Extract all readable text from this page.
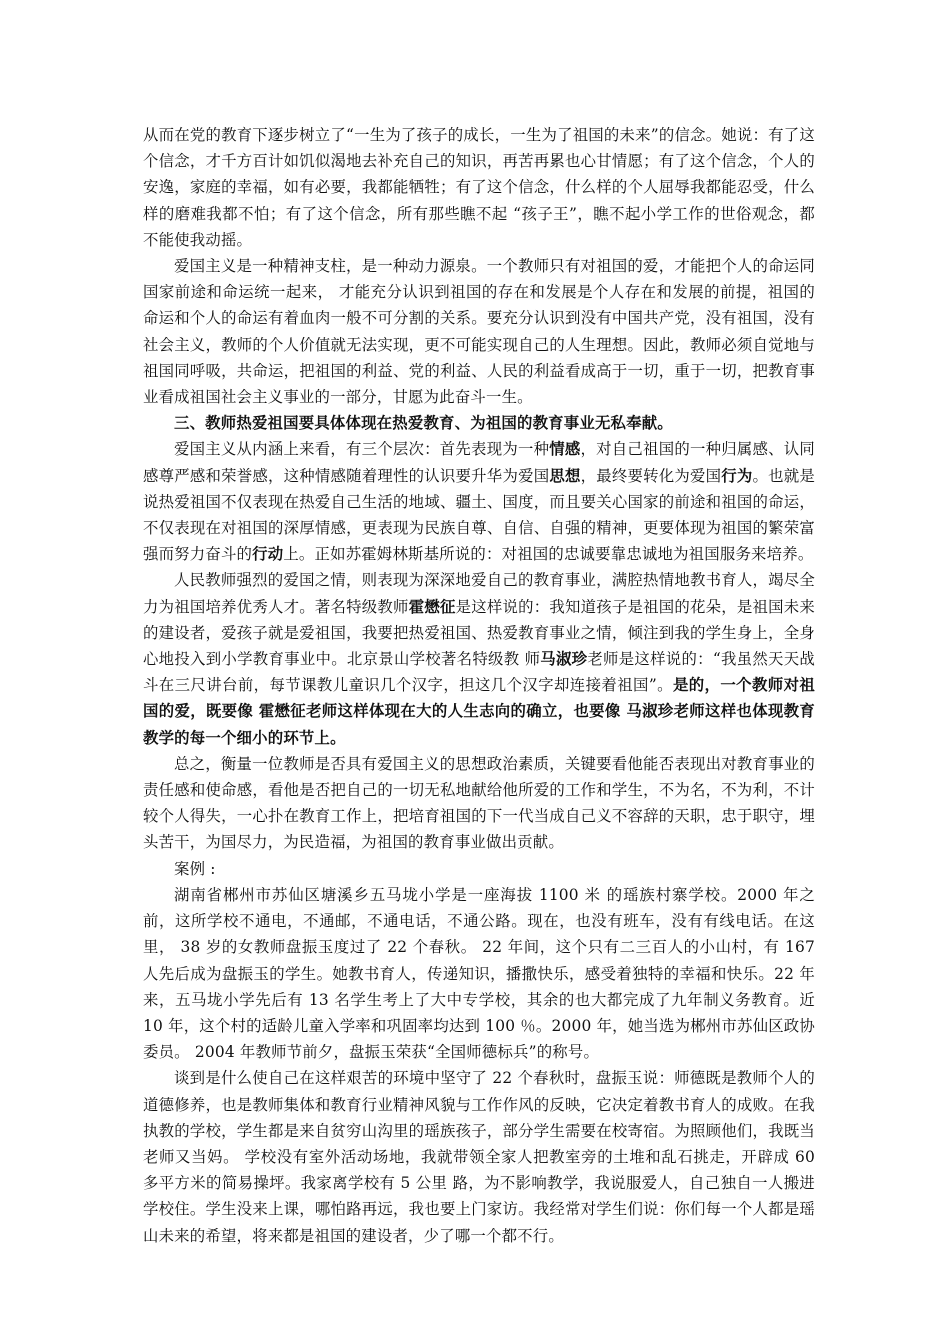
从而在党的教育下逐步树立了“一生为了孩子的成长，一生为了祖国的未来”的信念。她说：有了这个信念，才千方百计如饥似渴地去补充自己的知识，再苦再累也心甘情愿；有了这个信念，个人的安逸，家庭的幸福，如有必要，我都能牺牲；有了这个信念，什么样的个人屈辱我都能忍受，什么样的磨难我都不怕；有了这个信念，所有那些瞧不起 “孩子王”，瞧不起小学工作的世俗观念，都不能使我动摇。

爱国主义是一种精神支柱，是一种动力源泉。一个教师只有对祖国的爱，才能把个人的命运同国家前途和命运统一起来， 才能充分认识到祖国的存在和发展是个人存在和发展的前提，祖国的命运和个人的命运有着血肉一般不可分割的关系。要充分认识到没有中国共产党，没有祖国，没有社会主义，教师的个人价值就无法实现，更不可能实现自己的人生理想。因此，教师必须自觉地与祖国同呼吸，共命运，把祖国的利益、党的利益、人民的利益看成高于一切，重于一切，把教育事业看成祖国社会主义事业的一部分，甘愿为此奋斗一生。

三、教师热爱祖国要具体体现在热爱教育、为祖国的教育事业无私奉献。

爱国主义从内涵上来看，有三个层次：首先表现为一种情感，对自己祖国的一种归属感、认同感尊严感和荣誉感，这种情感随着理性的认识要升华为爱国思想，最终要转化为爱国行为。也就是说热爱祖国不仅表现在热爱自己生活的地域、疆土、国度，而且要关心国家的前途和祖国的命运，不仅表现在对祖国的深厚情感，更表现为民族自尊、自信、自强的精神，更要体现为祖国的繁荣富强而努力奋斗的行动上。正如苏霍姆林斯基所说的：对祖国的忠诚要靠忠诚地为祖国服务来培养。

人民教师强烈的爱国之情，则表现为深深地爱自己的教育事业，满腔热情地教书育人，竭尽全力为祖国培养优秀人才。著名特级教师霍懋征是这样说的：我知道孩子是祖国的花朵，是祖国未来的建设者，爱孩子就是爱祖国，我要把热爱祖国、热爱教育事业之情，倾注到我的学生身上，全身心地投入到小学教育事业中。北京景山学校著名特级教 师马淑珍老师是这样说的：“我虽然天天战斗在三尺讲台前，每节课教儿童识几个汉字，担这几个汉字却连接着祖国”。是的，一个教师对祖国的爱，既要像 霍懋征老师这样体现在大的人生志向的确立，也要像 马淑珍老师这样也体现教育教学的每一个细小的环节上。

总之，衡量一位教师是否具有爱国主义的思想政治素质，关键要看他能否表现出对教育事业的责任感和使命感，看他是否把自己的一切无私地献给他所爱的工作和学生，不为名，不为利，不计较个人得失，一心扑在教育工作上，把培育祖国的下一代当成自己义不容辞的天职，忠于职守，埋头苦干，为国尽力，为民造福，为祖国的教育事业做出贡献。

案例 :

湖南省郴州市苏仙区塘溪乡五马垅小学是一座海拔 1100 米 的瑶族村寨学校。2000 年之前，这所学校不通电，不通邮，不通电话，不通公路。现在，也没有班车，没有有线电话。在这里， 38 岁的女教师盘振玉度过了 22 个春秋。 22 年间，这个只有二三百人的小山村，有 167 人先后成为盘振玉的学生。她教书育人，传递知识，播撒快乐，感受着独特的幸福和快乐。22 年来，五马垅小学先后有 13 名学生考上了大中专学校，其余的也大都完成了九年制义务教育。近 10 年，这个村的适龄儿童入学率和巩固率均达到 100 ％。2000 年，她当选为郴州市苏仙区政协委员。 2004 年教师节前夕，盘振玉荣获“全国师德标兵”的称号。

谈到是什么使自己在这样艰苦的环境中坚守了 22 个春秋时，盘振玉说：师德既是教师个人的道德修养，也是教师集体和教育行业精神风貌与工作作风的反映，它决定着教书育人的成败。在我执教的学校，学生都是来自贫穷山沟里的瑶族孩子，部分学生需要在校寄宿。为照顾他们，我既当老师又当妈。 学校没有室外活动场地，我就带领全家人把教室旁的土堆和乱石挑走，开辟成 60 多平方米的简易操坪。我家离学校有 5 公里 路，为不影响教学，我说服爱人，自己独自一人搬进学校住。学生没来上课，哪怕路再远，我也要上门家访。我经常对学生们说：你们每一个人都是瑶山未来的希望，将来都是祖国的建设者，少了哪一个都不行。
